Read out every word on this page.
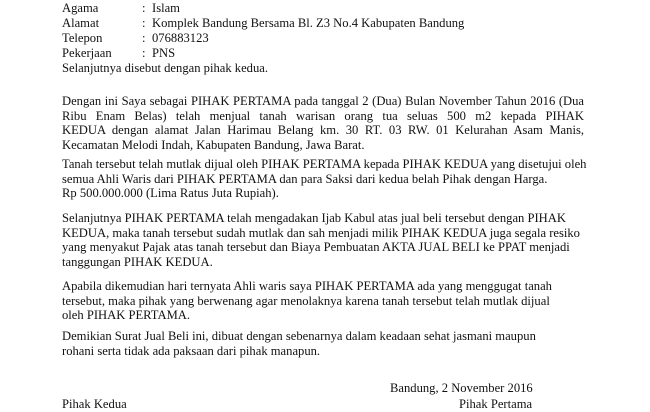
Agama	: Islam
Alamat	: Komplek Bandung Bersama Bl. Z3 No.4 Kabupaten Bandung
Telepon	: 076883123
Pekerjaan : PNS
Selanjutnya disebut dengan pihak kedua.
Dengan ini Saya sebagai PIHAK PERTAMA pada tanggal 2 (Dua) Bulan November Tahun 2016 (Dua
Ribu Enam Belas) telah menjual tanah warisan orang tua seluas 500 m2 kepada PIHAK
KEDUA dengan alamat Jalan Harimau Belang km. 30 RT. 03 RW. 01 Kelurahan Asam Manis,
Kecamatan Melodi Indah, Kabupaten Bandung, Jawa Barat.
Tanah tersebut telah mutlak dijual oleh PIHAK PERTAMA kepada PIHAK KEDUA yang disetujui oleh
semua Ahli Waris dari PIHAK PERTAMA dan para Saksi dari kedua belah Pihak dengan Harga.
Rp 500.000.000 (Lima Ratus Juta Rupiah).
Selanjutnya PIHAK PERTAMA telah mengadakan Ijab Kabul atas jual beli tersebut dengan PIHAK
KEDUA, maka tanah tersebut sudah mutlak dan sah menjadi milik PIHAK KEDUA juga segala resiko
yang menyakut Pajak atas tanah tersebut dan Biaya Pembuatan AKTA JUAL BELI ke PPAT menjadi
tanggungan PIHAK KEDUA.
Apabila dikemudian hari ternyata Ahli waris saya PIHAK PERTAMA ada yang menggugat tanah
tersebut, maka pihak yang berwenang agar menolaknya karena tanah tersebut telah mutlak dijual
oleh PIHAK PERTAMA.
Demikian Surat Jual Beli ini, dibuat dengan sebenarnya dalam keadaan sehat jasmani maupun
rohani serta tidak ada paksaan dari pihak manapun.
Bandung, 2 November 2016
Pihak Kedua	Pihak Pertama
